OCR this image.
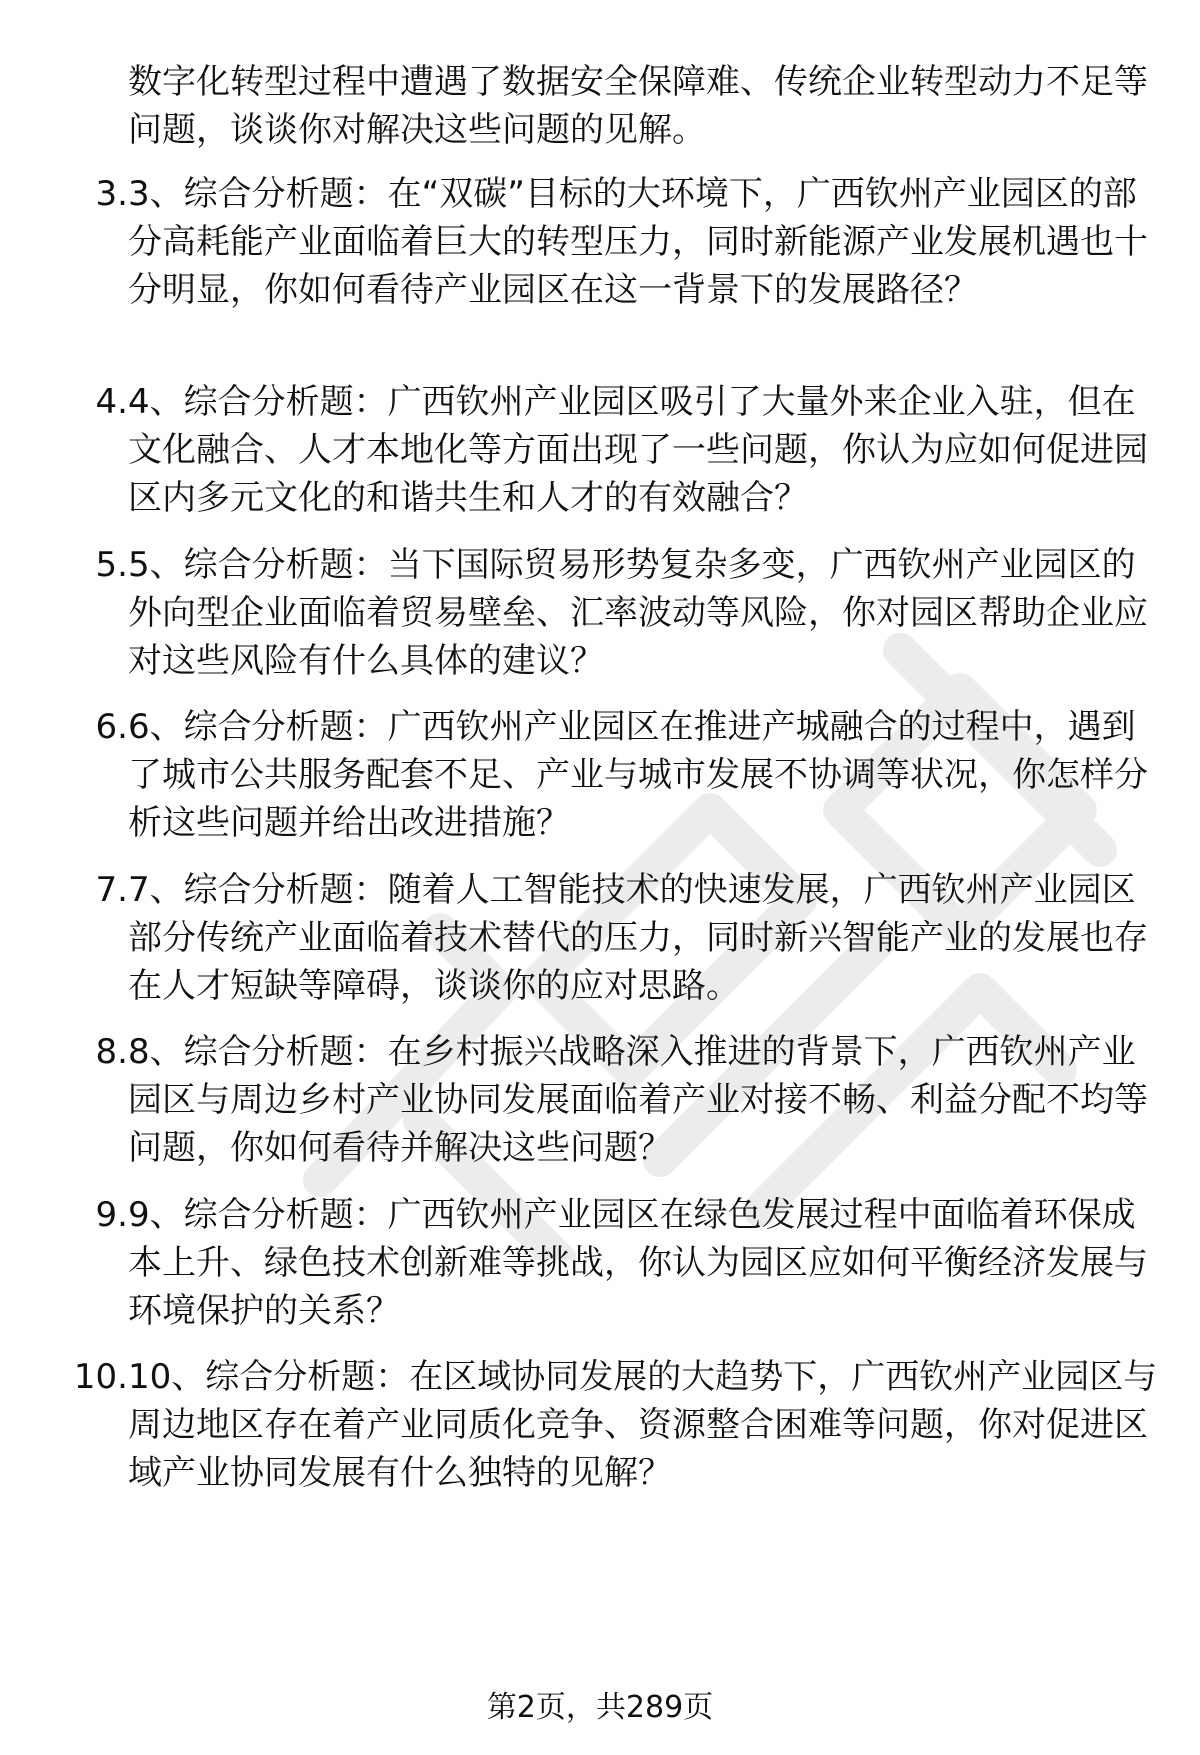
数字化转型过程中遭遇了数据安全保障难、传统企业转型动力不足等问题，谈谈你对解决这些问题的见解。
3. 3、综合分析题：在“双碳”目标的大环境下，广西钦州产业园区的部分高耗能产业面临着巨大的转型压力，同时新能源产业发展机遇也十分明显，你如何看待产业园区在这一背景下的发展路径？
4. 4、综合分析题：广西钦州产业园区吸引了大量外来企业入驻，但在文化融合、人才本地化等方面出现了一些问题，你认为应如何促进园区内多元文化的和谐共生和人才的有效融合？
5. 5、综合分析题：当下国际贸易形势复杂多变，广西钦州产业园区的外向型企业面临着贸易壁垒、汇率波动等风险，你对园区帮助企业应对这些风险有什么具体的建议？
6. 6、综合分析题：广西钦州产业园区在推进产城融合的过程中，遇到了城市公共服务配套不足、产业与城市发展不协调等状况，你怎样分析这些问题并给出改进措施？
7. 7、综合分析题：随着人工智能技术的快速发展，广西钦州产业园区部分传统产业面临着技术替代的压力，同时新兴智能产业的发展也存在人才短缺等障碍，谈谈你的应对思路。
8. 8、综合分析题：在乡村振兴战略深入推进的背景下，广西钦州产业园区与周边乡村产业协同发展面临着产业对接不畅、利益分配不均等问题，你如何看待并解决这些问题？
9. 9、综合分析题：广西钦州产业园区在绿色发展过程中面临着环保成本上升、绿色技术创新难等挑战，你认为园区应如何平衡经济发展与环境保护的关系？
10. 10、综合分析题：在区域协同发展的大趋势下，广西钦州产业园区与周边地区存在着产业同质化竞争、资源整合困难等问题，你对促进区域产业协同发展有什么独特的见解？
第2页，共289页
